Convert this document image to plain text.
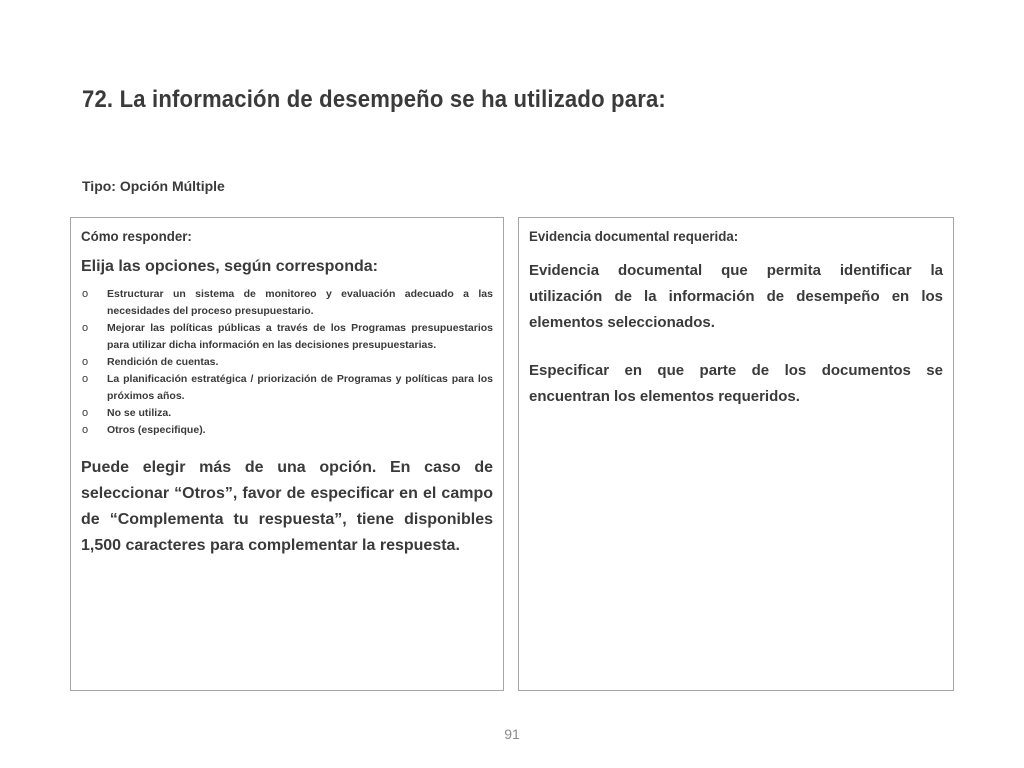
72. La información de desempeño se ha utilizado para:
Tipo: Opción Múltiple
Cómo responder:
Elija las opciones, según corresponda:
o Estructurar un sistema de monitoreo y evaluación adecuado a las necesidades del proceso presupuestario.
o Mejorar las políticas públicas a través de los Programas presupuestarios para utilizar dicha información en las decisiones presupuestarias.
o Rendición de cuentas.
o La planificación estratégica / priorización de Programas y políticas para los próximos años.
o No se utiliza.
o Otros (especifique).

Puede elegir más de una opción. En caso de seleccionar “Otros”, favor de especificar en el campo de “Complementa tu respuesta”, tiene disponibles 1,500 caracteres para complementar la respuesta.

Evidencia documental requerida:

Evidencia documental que permita identificar la utilización de la información de desempeño en los elementos seleccionados.

Especificar en que parte de los documentos se encuentran los elementos requeridos.

91
